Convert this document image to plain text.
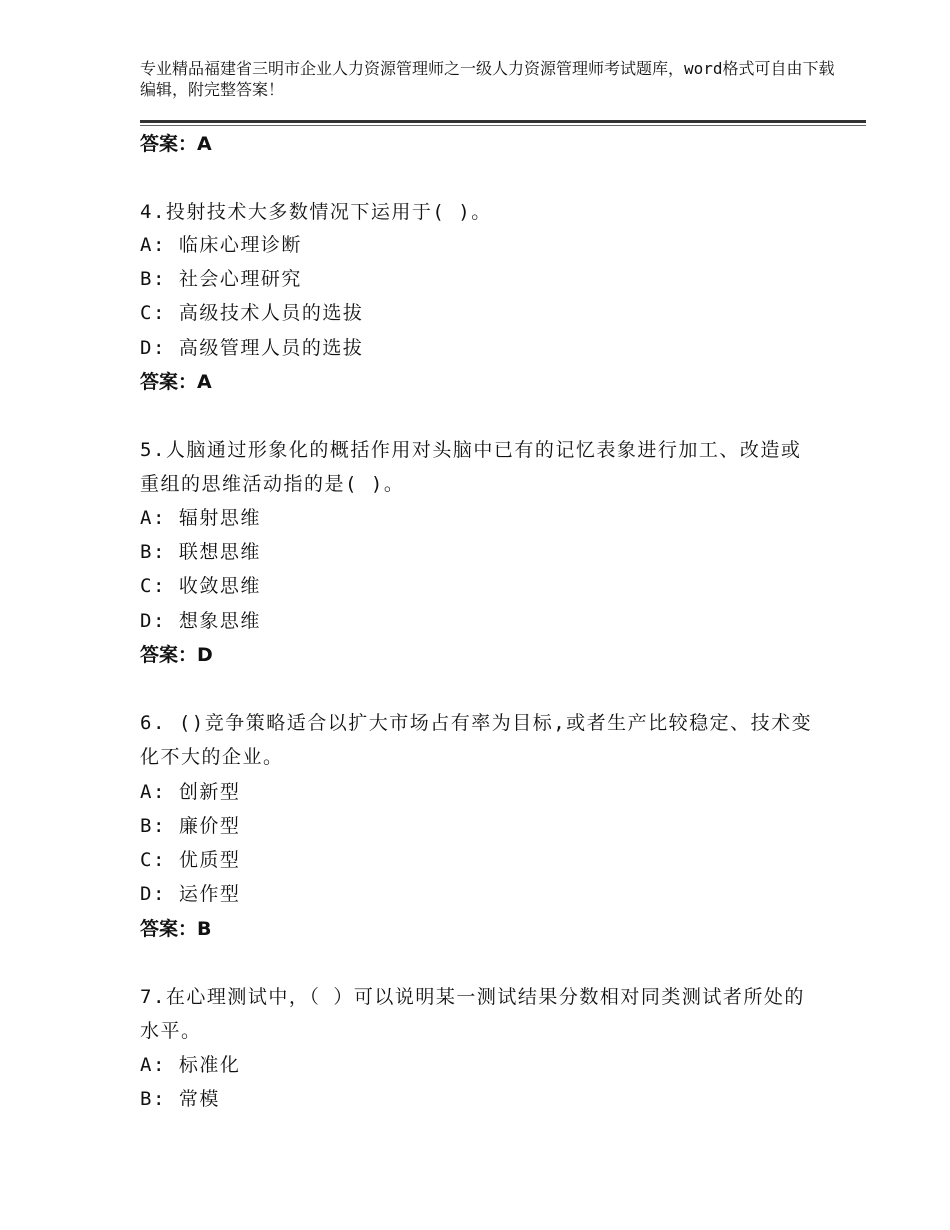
专业精品福建省三明市企业人力资源管理师之一级人力资源管理师考试题库，word格式可自由下载编辑，附完整答案！
答案：A
4.投射技术大多数情况下运用于( )。
A: 临床心理诊断
B: 社会心理研究
C: 高级技术人员的选拔
D: 高级管理人员的选拔
答案：A
5.人脑通过形象化的概括作用对头脑中已有的记忆表象进行加工、改造或重组的思维活动指的是( )。
A: 辐射思维
B: 联想思维
C: 收敛思维
D: 想象思维
答案：D
6. ()竞争策略适合以扩大市场占有率为目标,或者生产比较稳定、技术变化不大的企业。
A: 创新型
B: 廉价型
C: 优质型
D: 运作型
答案：B
7.在心理测试中，（ ）可以说明某一测试结果分数相对同类测试者所处的水平。
A: 标准化
B: 常模
